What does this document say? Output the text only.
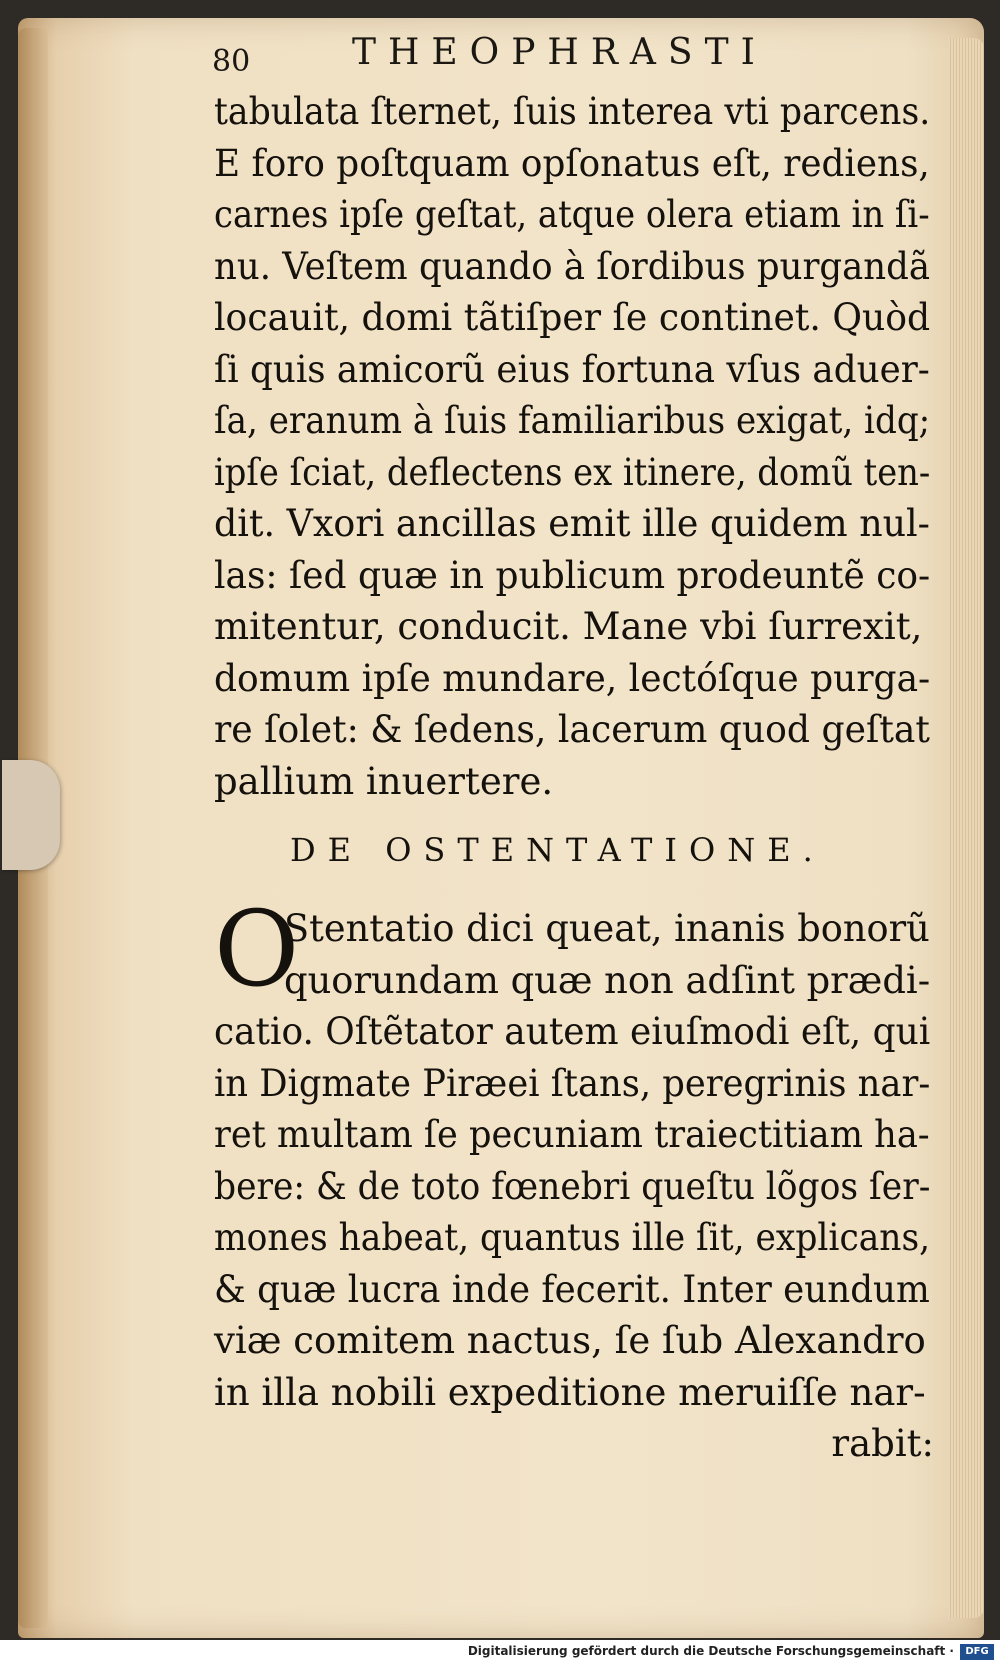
80	THEOPHRASTI
tabulata ſternet, ſuis interea vti parcens.
E foro poſtquam opſonatus eſt, rediens,
carnes ipſe geſtat, atque olera etiam in ſi-
nu. Veſtem quando à ſordibus purgandã
locauit, domi tãtiſper ſe continet. Quòd
ſi quis amicorũ eius fortuna vſus aduer-
ſa, eranum à ſuis familiaribus exigat, idq;
ipſe ſciat, deflectens ex itinere, domũ ten-
dit. Vxori ancillas emit ille quidem nul-
las: ſed quæ in publicum prodeuntẽ co-
mitentur, conducit. Mane vbi ſurrexit,
domum ipſe mundare, lectóſque purga-
re ſolet: & ſedens, lacerum quod geſtat
pallium inuertere.
DE OSTENTATIONE.
O
Stentatio dici queat, inanis bonorũ
quorundam quæ non adſint prædi-
catio. Oſtẽtator autem eiuſmodi eſt, qui
in Digmate Piræei ſtans, peregrinis nar-
ret multam ſe pecuniam traiectitiam ha-
bere: & de toto fœnebri queſtu lõgos ſer-
mones habeat, quantus ille ſit, explicans,
& quæ lucra inde fecerit. Inter eundum
viæ comitem nactus, ſe ſub Alexandro
in illa nobili expeditione meruiſſe nar-
rabit:
Digitalisierung gefördert durch die Deutsche Forschungsgemeinschaft ·	DFG
